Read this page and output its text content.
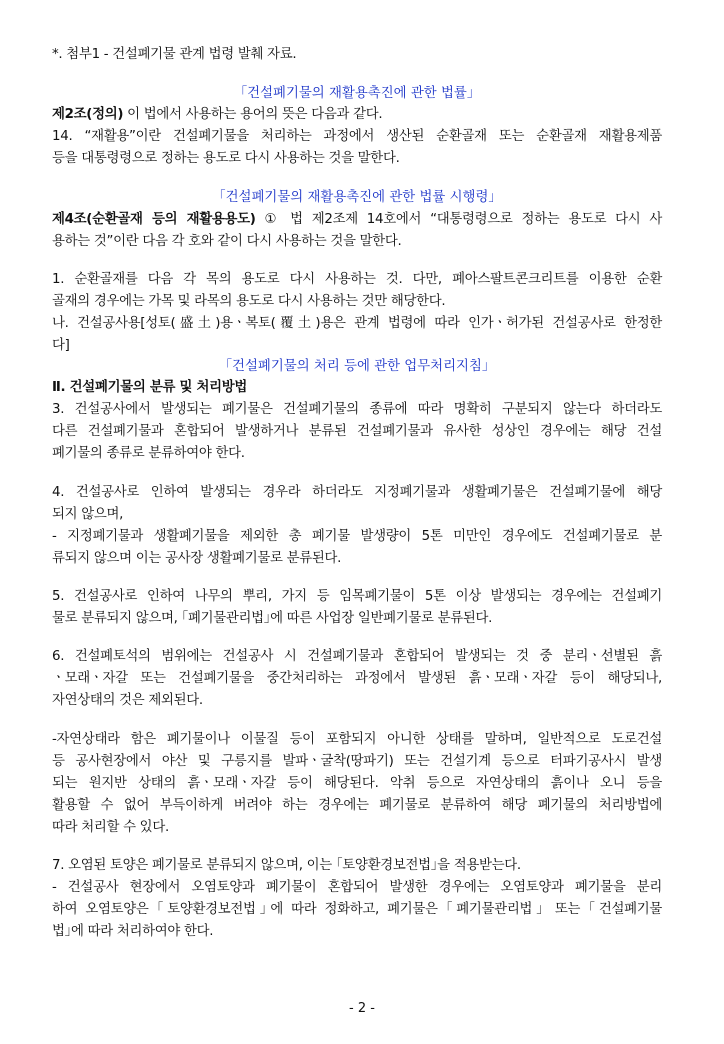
*. 첨부1 - 건설폐기물 관계 법령 발췌 자료.
｢건설폐기물의 재활용촉진에 관한 법률｣
제2조(정의) 이 법에서 사용하는 용어의 뜻은 다음과 같다.
14. “재활용”이란 건설폐기물을 처리하는 과정에서 생산된 순환골재 또는 순환골재 재활용제품
등을 대통령령으로 정하는 용도로 다시 사용하는 것을 말한다.
｢건설폐기물의 재활용촉진에 관한 법률 시행령｣
제4조(순환골재 등의 재활용용도) ① 법 제2조제 14호에서 “대통령령으로 정하는 용도로 다시 사
용하는 것”이란 다음 각 호와 같이 다시 사용하는 것을 말한다.
1. 순환골재를 다음 각 목의 용도로 다시 사용하는 것. 다만, 폐아스팔트콘크리트를 이용한 순환
골재의 경우에는 가목 및 라목의 용도로 다시 사용하는 것만 해당한다.
나. 건설공사용[성토(盛土)용ㆍ복토(覆土)용은 관계 법령에 따라 인가ㆍ허가된 건설공사로 한정한
다]
｢건설폐기물의 처리 등에 관한 업무처리지침｣
Ⅱ. 건설폐기물의 분류 및 처리방법
3. 건설공사에서 발생되는 폐기물은 건설폐기물의 종류에 따라 명확히 구분되지 않는다 하더라도
다른 건설폐기물과 혼합되어 발생하거나 분류된 건설폐기물과 유사한 성상인 경우에는 해당 건설
폐기물의 종류로 분류하여야 한다.
4. 건설공사로 인하여 발생되는 경우라 하더라도 지정폐기물과 생활폐기물은 건설폐기물에 해당
되지 않으며,
- 지정폐기물과 생활폐기물을 제외한 총 폐기물 발생량이 5톤 미만인 경우에도 건설폐기물로 분
류되지 않으며 이는 공사장 생활폐기물로 분류된다.
5. 건설공사로 인하여 나무의 뿌리, 가지 등 임목폐기물이 5톤 이상 발생되는 경우에는 건설폐기
물로 분류되지 않으며, ｢폐기물관리법｣에 따른 사업장 일반폐기물로 분류된다.
6. 건설폐토석의 범위에는 건설공사 시 건설폐기물과 혼합되어 발생되는 것 중 분리ㆍ선별된 흙
ㆍ모래ㆍ자갈 또는 건설폐기물을 중간처리하는 과정에서 발생된 흙ㆍ모래ㆍ자갈 등이 해당되나,
자연상태의 것은 제외된다.
-자연상태라 함은 폐기물이나 이물질 등이 포함되지 아니한 상태를 말하며, 일반적으로 도로건설
등 공사현장에서 야산 및 구릉지를 발파ㆍ굴착(땅파기) 또는 건설기계 등으로 터파기공사시 발생
되는 원지반 상태의 흙ㆍ모래ㆍ자갈 등이 해당된다. 악취 등으로 자연상태의 흙이나 오니 등을
활용할 수 없어 부득이하게 버려야 하는 경우에는 폐기물로 분류하여 해당 폐기물의 처리방법에
따라 처리할 수 있다.
7. 오염된 토양은 폐기물로 분류되지 않으며, 이는 ｢토양환경보전법｣을 적용받는다.
- 건설공사 현장에서 오염토양과 폐기물이 혼합되어 발생한 경우에는 오염토양과 폐기물을 분리
하여 오염토양은 ｢토양환경보전법｣에 따라 정화하고, 폐기물은 ｢폐기물관리법｣ 또는 ｢건설폐기물
법｣에 따라 처리하여야 한다.
- 2 -
